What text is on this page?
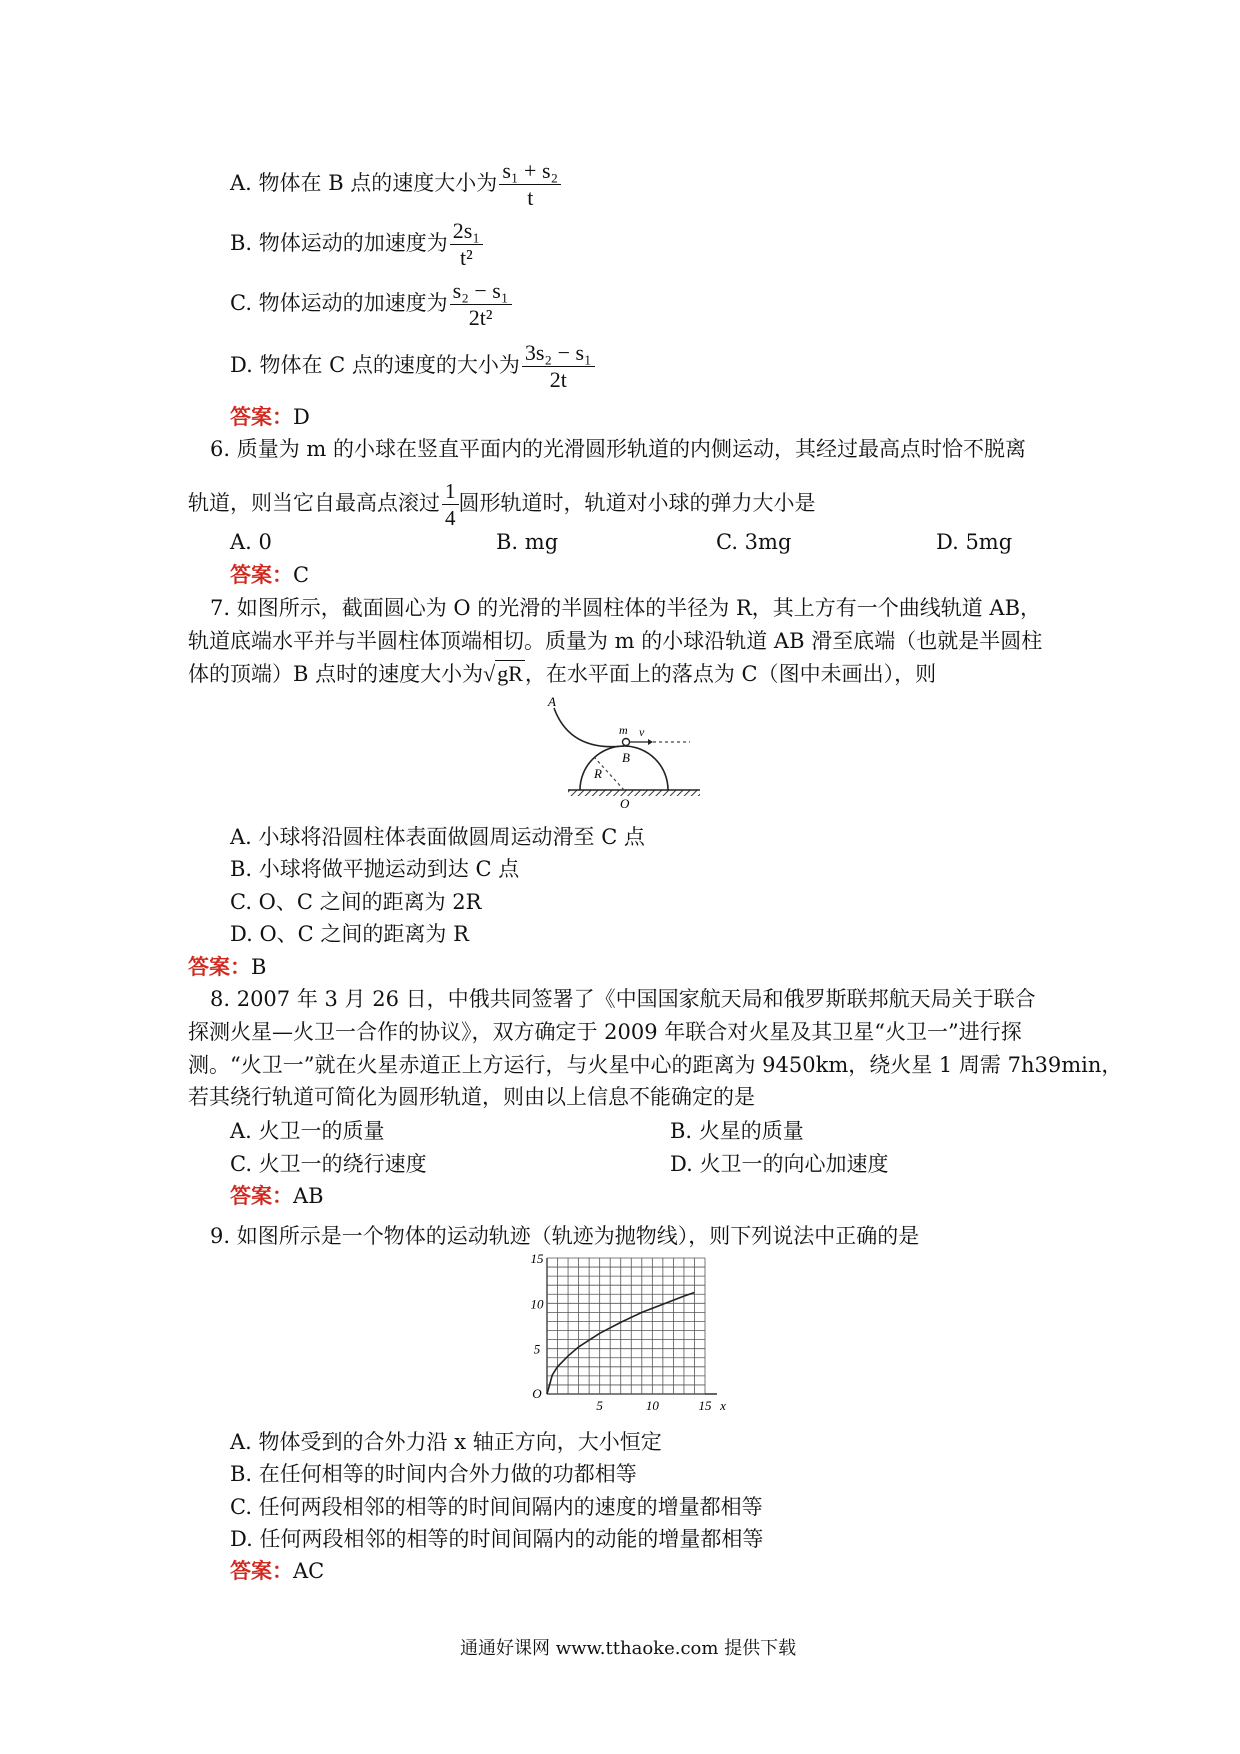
A. 物体在 B 点的速度大小为 $\frac{\text{s₁ + s₂}}{t}$
B. 物体运动的加速度为 $\frac{\text{2s₁}}{\text{t²}}$
C. 物体运动的加速度为 $\frac{\text{s₂ − s₁}}{\text{2t²}}$
D. 物体在 C 点的速度的大小为 $\frac{\text{3s₂ − s₁}}{2t}$
答案：D
6. 质量为 m 的小球在竖直平面内的光滑圆形轨道的内侧运动，其经过最高点时恰不脱离
轨道，则当它自最高点滚过 $\frac{1}{4}$ 圆形轨道时，轨道对小球的弹力大小是
A. 0	B. mg	C. 3mg	D. 5mg
答案：C
7. 如图所示，截面圆心为 O 的光滑的半圆柱体的半径为 R，其上方有一个曲线轨道 AB，
轨道底端水平并与半圆柱体顶端相切。质量为 m 的小球沿轨道 AB 滑至底端（也就是半圆柱
体的顶端）B 点时的速度大小为√gR，在水平面上的落点为 C（图中未画出），则
A
m v
B
R
O
A. 小球将沿圆柱体表面做圆周运动滑至 C 点
B. 小球将做平抛运动到达 C 点
C. O、C 之间的距离为 2R
D. O、C 之间的距离为 R
答案：B
8. 2007 年 3 月 26 日，中俄共同签署了《中国国家航天局和俄罗斯联邦航天局关于联合
探测火星—火卫一合作的协议》，双方确定于 2009 年联合对火星及其卫星“火卫一”进行探
测。“火卫一”就在火星赤道正上方运行，与火星中心的距离为 9450km，绕火星 1 周需 7h39min，
若其绕行轨道可简化为圆形轨道，则由以上信息不能确定的是
A. 火卫一的质量	B. 火星的质量
C. 火卫一的绕行速度	D. 火卫一的向心加速度
答案：AB
9. 如图所示是一个物体的运动轨迹（轨迹为抛物线），则下列说法中正确的是
5	10	15
5
10
15
O
x
A. 物体受到的合外力沿 x 轴正方向，大小恒定
B. 在任何相等的时间内合外力做的功都相等
C. 任何两段相邻的相等的时间间隔内的速度的增量都相等
D. 任何两段相邻的相等的时间间隔内的动能的增量都相等
答案：AC
通通好课网 www.tthaoke.com 提供下载
